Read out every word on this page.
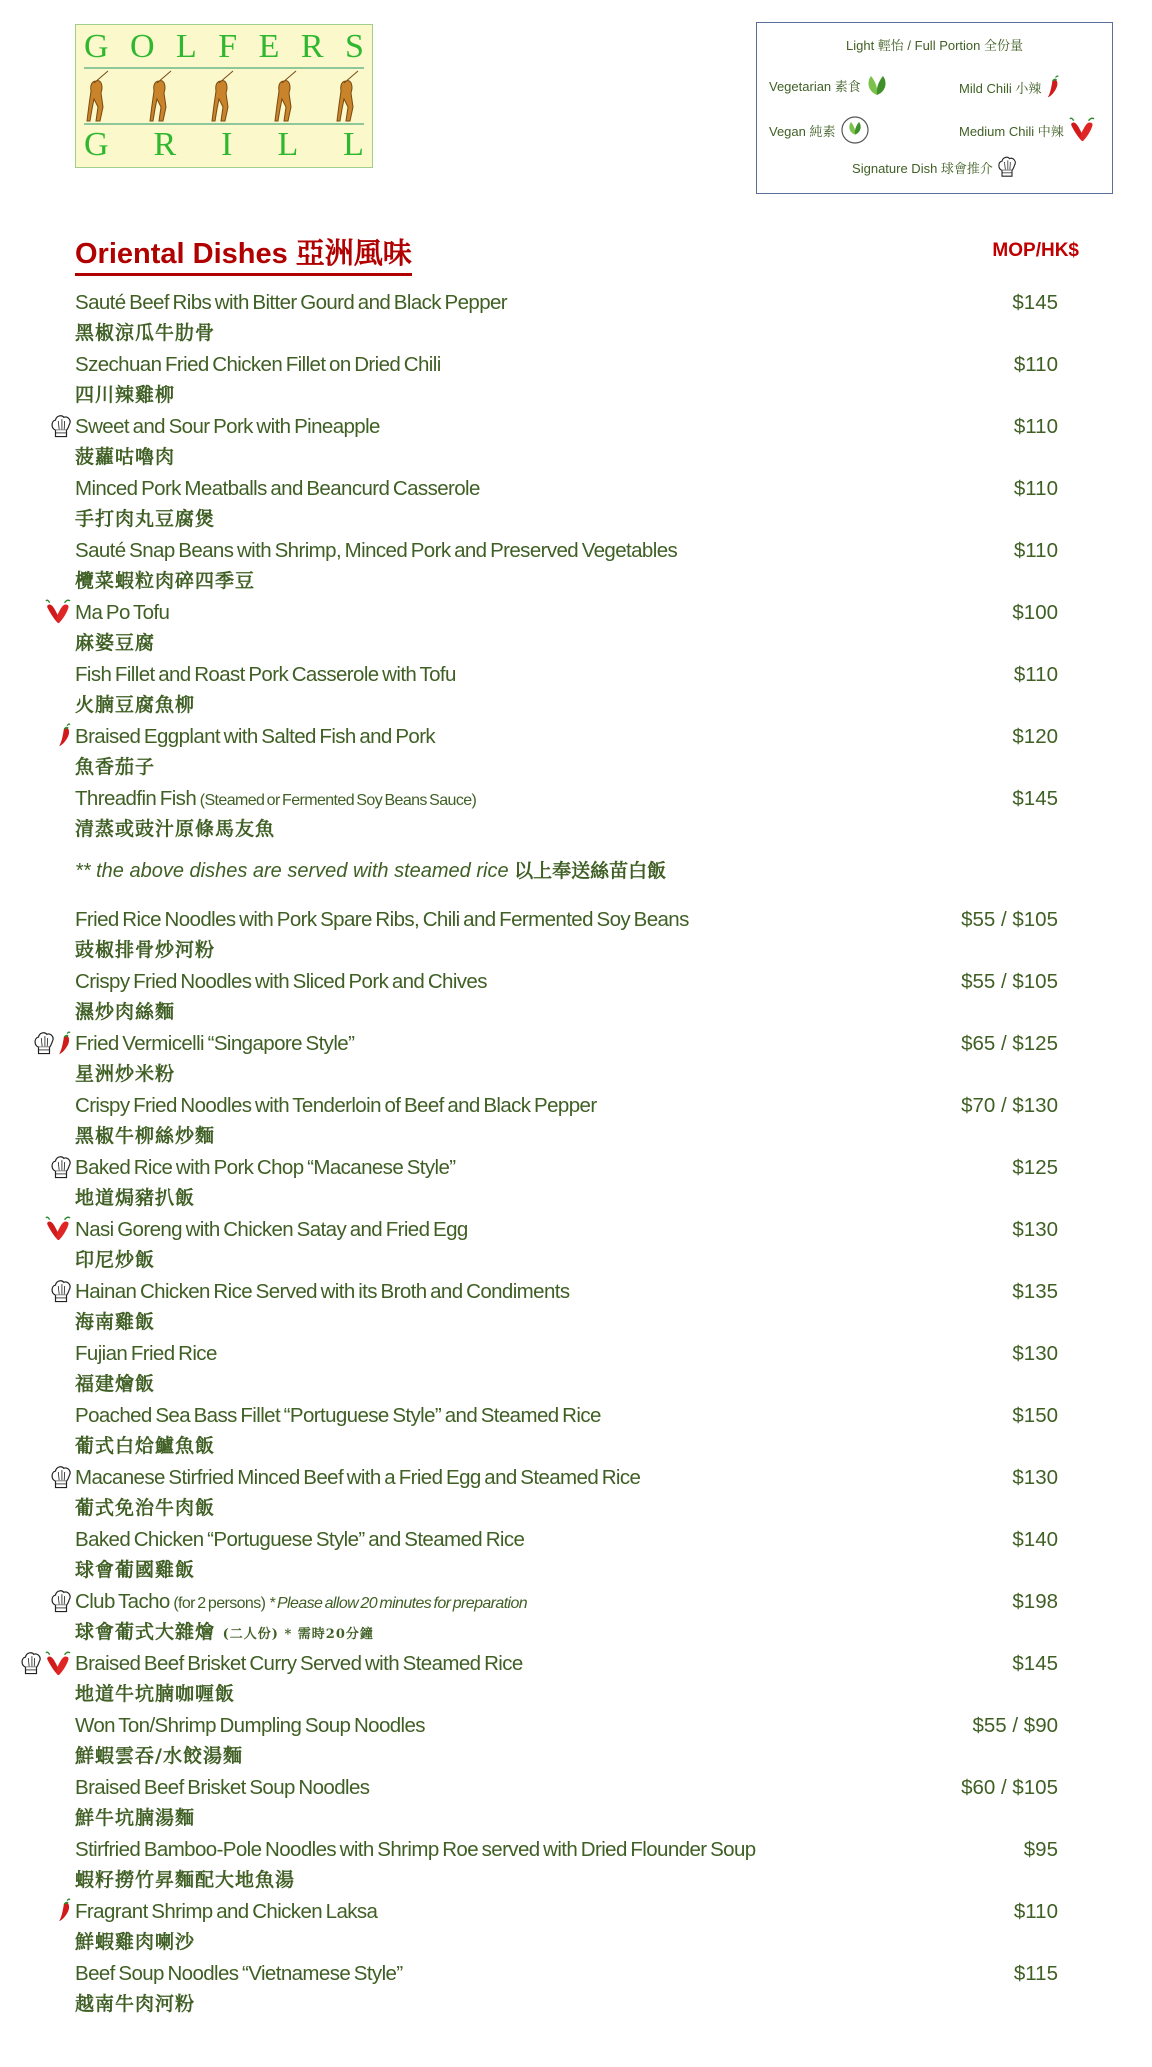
G O L F E R S
G R I L L
Light 輕怡 / Full Portion 全份量
Vegetarian 素食	Mild Chili 小辣
Vegan 純素	Medium Chili 中辣
Signature Dish 球會推介
Oriental Dishes 亞洲風味	MOP/HK$
Sauté Beef Ribs with Bitter Gourd and Black Pepper
黑椒涼瓜牛肋骨
$145
Szechuan Fried Chicken Fillet on Dried Chili
四川辣雞柳
$110
Sweet and Sour Pork with Pineapple
菠蘿咕嚕肉
$110
Minced Pork Meatballs and Beancurd Casserole
手打肉丸豆腐煲
$110
Sauté Snap Beans with Shrimp, Minced Pork and Preserved Vegetables
欖菜蝦粒肉碎四季豆
$110
Ma Po Tofu
麻婆豆腐
$100
Fish Fillet and Roast Pork Casserole with Tofu
火腩豆腐魚柳
$110
Braised Eggplant with Salted Fish and Pork
魚香茄子
$120
Threadfin Fish (Steamed or Fermented Soy Beans Sauce)
清蒸或豉汁原條馬友魚
$145
** the above dishes are served with steamed rice 以上奉送絲苗白飯
Fried Rice Noodles with Pork Spare Ribs, Chili and Fermented Soy Beans
豉椒排骨炒河粉
$55 / $105
Crispy Fried Noodles with Sliced Pork and Chives
濕炒肉絲麵
$55 / $105
Fried Vermicelli “Singapore Style”
星洲炒米粉
$65 / $125
Crispy Fried Noodles with Tenderloin of Beef and Black Pepper
黑椒牛柳絲炒麵
$70 / $130
Baked Rice with Pork Chop “Macanese Style”
地道焗豬扒飯
$125
Nasi Goreng with Chicken Satay and Fried Egg
印尼炒飯
$130
Hainan Chicken Rice Served with its Broth and Condiments
海南雞飯
$135
Fujian Fried Rice
福建燴飯
$130
Poached Sea Bass Fillet “Portuguese Style” and Steamed Rice
葡式白烚鱸魚飯
$150
Macanese Stirfried Minced Beef with a Fried Egg and Steamed Rice
葡式免治牛肉飯
$130
Baked Chicken “Portuguese Style” and Steamed Rice
球會葡國雞飯
$140
Club Tacho (for 2 persons) * Please allow 20 minutes for preparation
球會葡式大雜燴 (二人份) * 需時20分鐘
$198
Braised Beef Brisket Curry Served with Steamed Rice
地道牛坑腩咖喱飯
$145
Won Ton/Shrimp Dumpling Soup Noodles
鮮蝦雲吞/水餃湯麵
$55 / $90
Braised Beef Brisket Soup Noodles
鮮牛坑腩湯麵
$60 / $105
Stirfried Bamboo-Pole Noodles with Shrimp Roe served with Dried Flounder Soup
蝦籽撈竹昇麵配大地魚湯
$95
Fragrant Shrimp and Chicken Laksa
鮮蝦雞肉喇沙
$110
Beef Soup Noodles “Vietnamese Style”
越南牛肉河粉
$115
